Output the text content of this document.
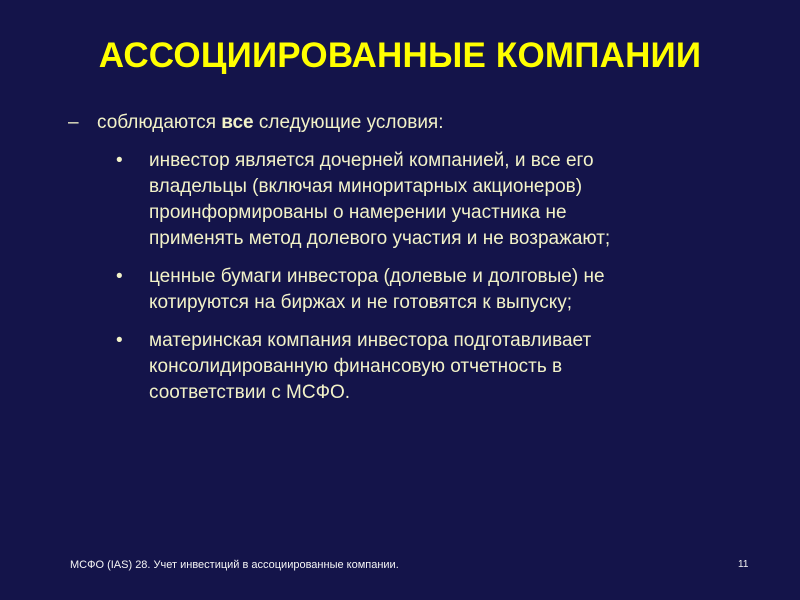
АССОЦИИРОВАННЫЕ КОМПАНИИ
– соблюдаются все следующие условия:
• инвестор является дочерней компанией, и все его
владельцы (включая миноритарных акционеров)
проинформированы о намерении участника не
применять метод долевого участия и не возражают;
• ценные бумаги инвестора (долевые и долговые) не
котируются на биржах и не готовятся к выпуску;
• материнская компания инвестора подготавливает
консолидированную финансовую отчетность в
соответствии с МСФО.
МСФО (IAS) 28. Учет инвестиций в ассоциированные компании.	11
